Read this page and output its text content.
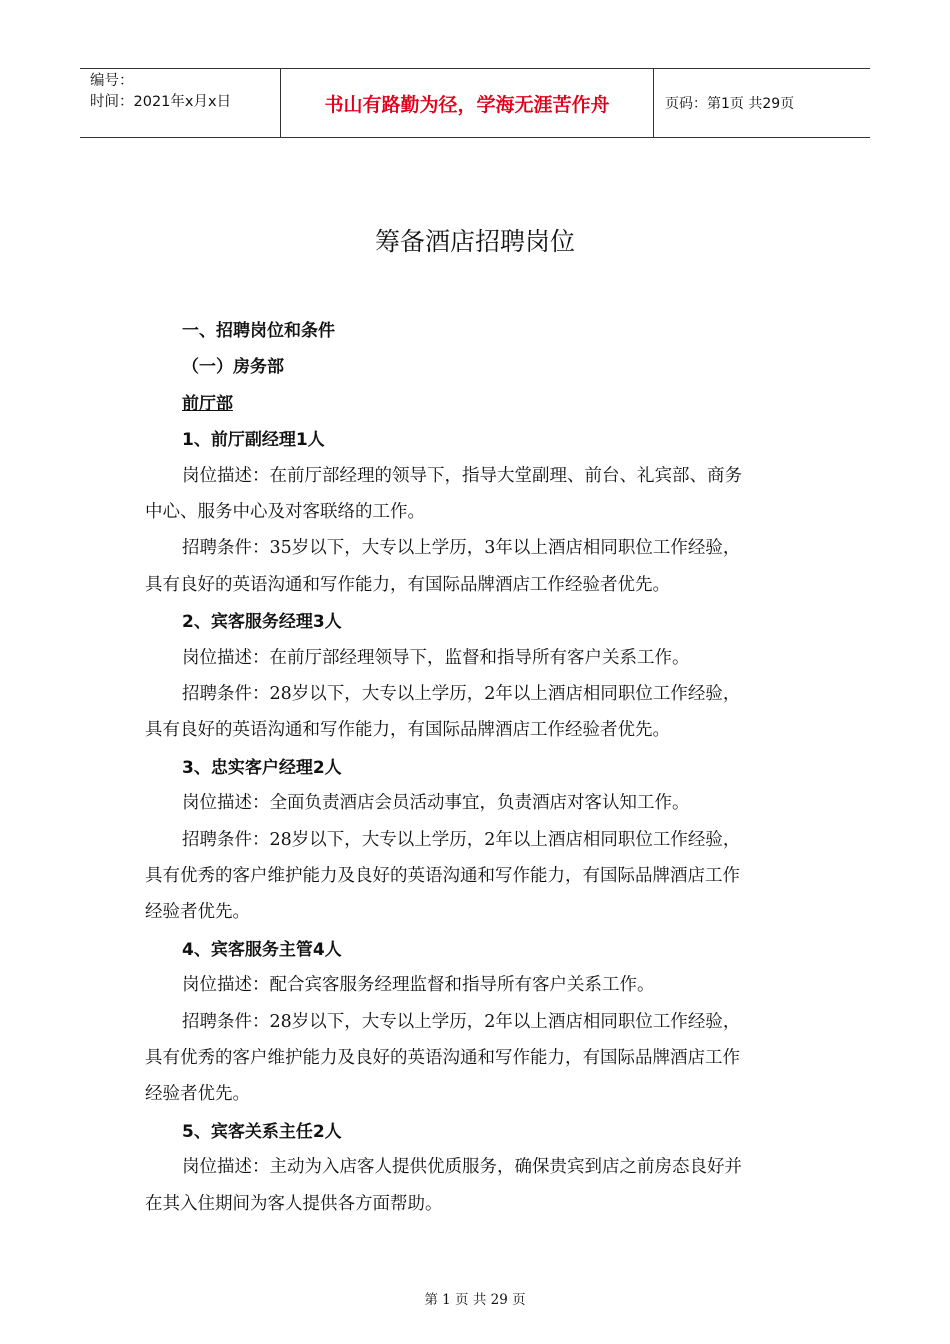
编号：
时间：2021年x月x日	书山有路勤为径，学海无涯苦作舟	页码：第1页 共29页
筹备酒店招聘岗位
一、招聘岗位和条件
（一）房务部
前厅部
1、前厅副经理1人
岗位描述：在前厅部经理的领导下，指导大堂副理、前台、礼宾部、商务
中心、服务中心及对客联络的工作。
招聘条件：35岁以下，大专以上学历，3年以上酒店相同职位工作经验，
具有良好的英语沟通和写作能力，有国际品牌酒店工作经验者优先。
2、宾客服务经理3人
岗位描述：在前厅部经理领导下，监督和指导所有客户关系工作。
招聘条件：28岁以下，大专以上学历，2年以上酒店相同职位工作经验，
具有良好的英语沟通和写作能力，有国际品牌酒店工作经验者优先。
3、忠实客户经理2人
岗位描述：全面负责酒店会员活动事宜，负责酒店对客认知工作。
招聘条件：28岁以下，大专以上学历，2年以上酒店相同职位工作经验，
具有优秀的客户维护能力及良好的英语沟通和写作能力，有国际品牌酒店工作
经验者优先。
4、宾客服务主管4人
岗位描述：配合宾客服务经理监督和指导所有客户关系工作。
招聘条件：28岁以下，大专以上学历，2年以上酒店相同职位工作经验，
具有优秀的客户维护能力及良好的英语沟通和写作能力，有国际品牌酒店工作
经验者优先。
5、宾客关系主任2人
岗位描述：主动为入店客人提供优质服务，确保贵宾到店之前房态良好并
在其入住期间为客人提供各方面帮助。
第 1 页 共 29 页
